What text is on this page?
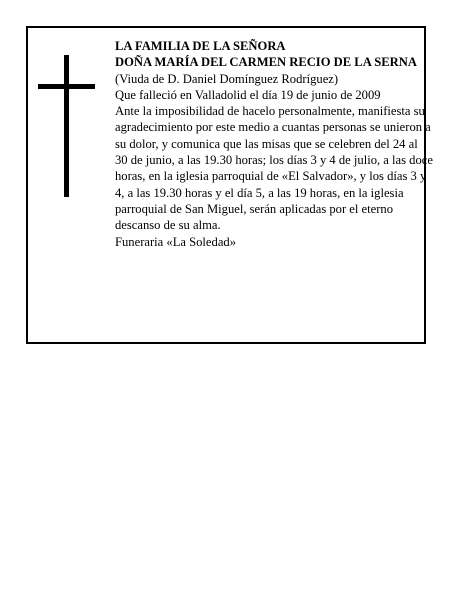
LA FAMILIA DE LA SEÑORA
DOÑA MARÍA DEL CARMEN RECIO DE LA SERNA
(Viuda de D. Daniel Domínguez Rodríguez)
Que falleció en Valladolid el día 19 de junio de 2009
Ante la imposibilidad de hacelo personalmente, manifiesta su agradecimiento por este medio a cuantas personas se unieron a su dolor, y comunica que las misas que se celebren del 24 al 30 de junio, a las 19.30 horas; los días 3 y 4 de julio, a las doce horas, en la iglesia parroquial de «El Salvador», y los días 3 y 4, a las 19.30 horas y el día 5, a las 19 horas, en la iglesia parroquial de San Miguel, serán aplicadas por el eterno descanso de su alma.
Funeraria «La Soledad»
